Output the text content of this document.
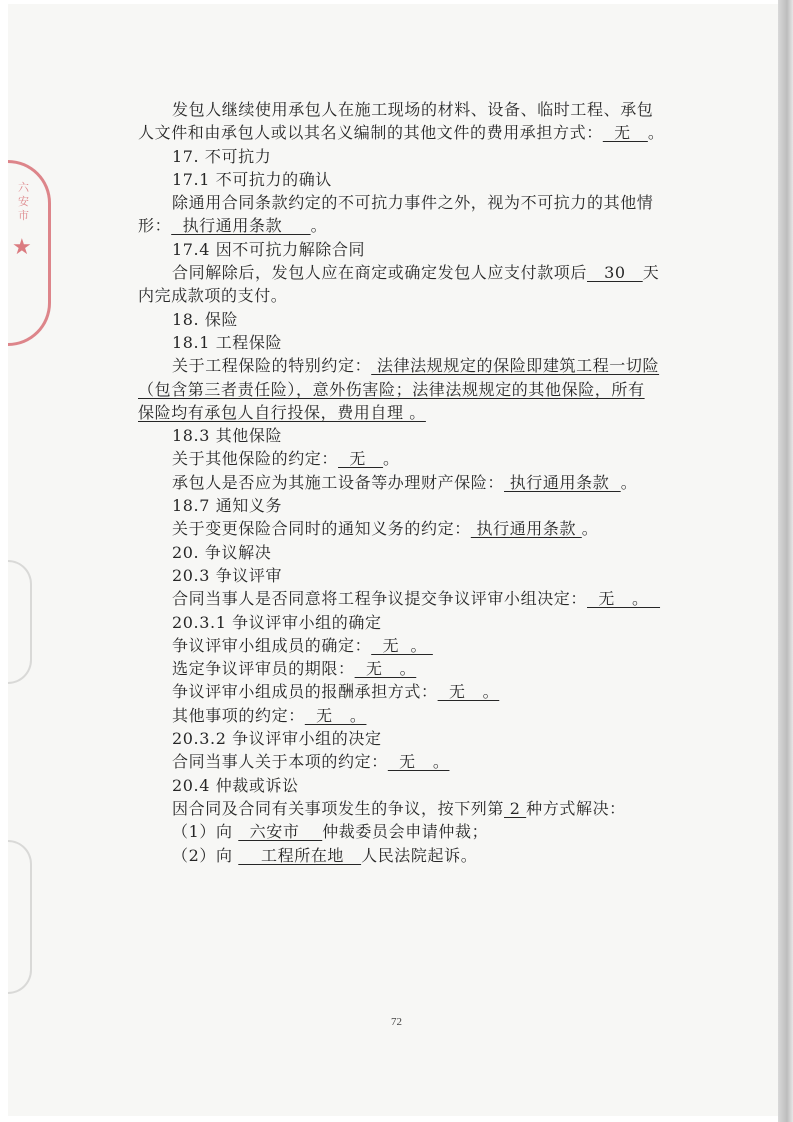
六安市
★
发包人继续使用承包人在施工现场的材料、设备、临时工程、承包
人文件和由承包人或以其名义编制的其他文件的费用承担方式：  无   。
17. 不可抗力
17.1 不可抗力的确认
除通用合同条款约定的不可抗力事件之外，视为不可抗力的其他情
形：  执行通用条款     。
17.4 因不可抗力解除合同
合同解除后，发包人应在商定或确定发包人应支付款项后   30   天
内完成款项的支付。
18. 保险
18.1 工程保险
关于工程保险的特别约定： 法律法规规定的保险即建筑工程一切险
（包含第三者责任险），意外伤害险；法律法规规定的其他保险，所有
保险均有承包人自行投保，费用自理 。
18.3 其他保险
关于其他保险的约定：  无   。
承包人是否应为其施工设备等办理财产保险： 执行通用条款  。
18.7 通知义务
关于变更保险合同时的通知义务的约定： 执行通用条款 。
20. 争议解决
20.3 争议评审
合同当事人是否同意将工程争议提交争议评审小组决定：  无   。
20.3.1 争议评审小组的确定
争议评审小组成员的确定：  无  。
选定争议评审员的期限：  无   。
争议评审小组成员的报酬承担方式：  无   。
其他事项的约定：  无   。
20.3.2 争议评审小组的决定
合同当事人关于本项的约定：  无   。
20.4 仲裁或诉讼
因合同及合同有关事项发生的争议，按下列第 2 种方式解决：
（1）向   六安市    仲裁委员会申请仲裁；
（2）向     工程所在地   人民法院起诉。
72
